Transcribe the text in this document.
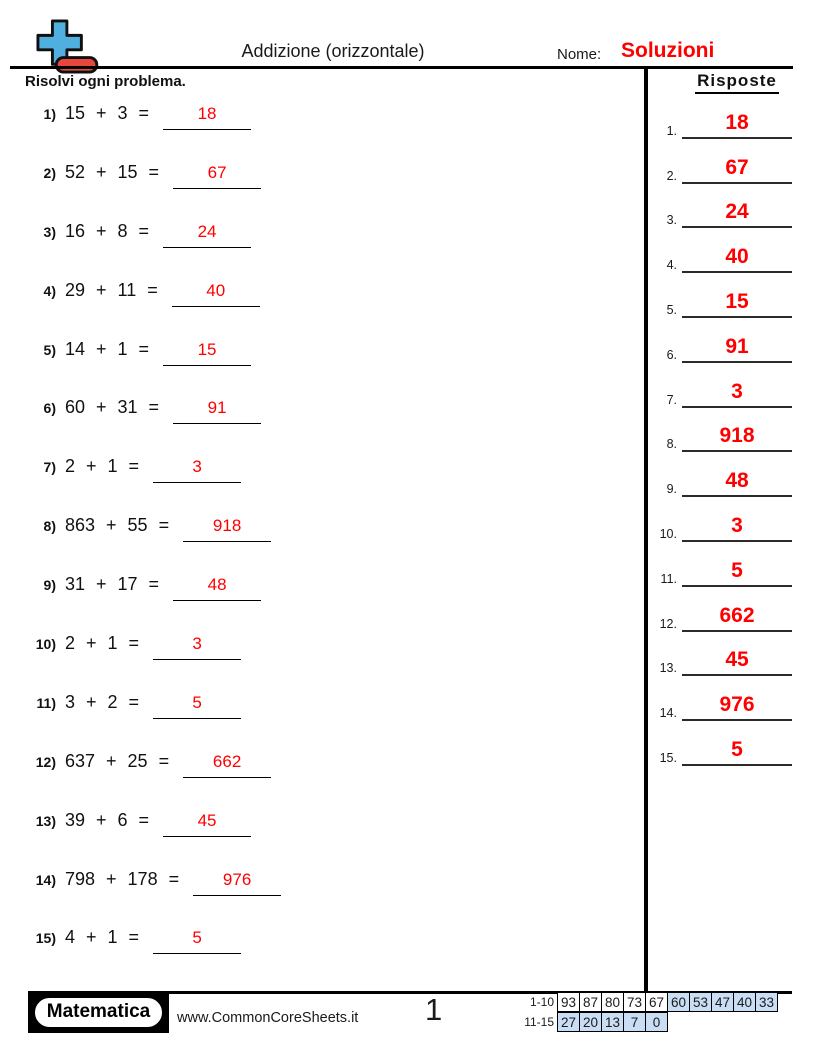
Addizione (orizzontale)	Nome: Soluzioni
Risolvi ogni problema.
1) 15 + 3 =	18
2) 52 + 15 =	67
3) 16 + 8 =	24
4) 29 + 11 =	40
5) 14 + 1 =	15
6) 60 + 31 =	91
7) 2 + 1 =	3
8) 863 + 55 =	918
9) 31 + 17 =	48
10) 2 + 1 =	3
11) 3 + 2 =	5
12) 637 + 25 =	662
13) 39 + 6 =	45
14) 798 + 178 =	976
15) 4 + 1 =	5
Risposte
1. 18
2. 67
3. 24
4. 40
5. 15
6. 91
7.	3
8. 918
9. 48
10.	3
11.	5
12. 662
13. 45
14. 976
15.	5
Matematica	www.CommonCoreSheets.it 1	1-10 93 87 80 73 67 60 53 47 40 33
11-15 27 20 13 7	0
